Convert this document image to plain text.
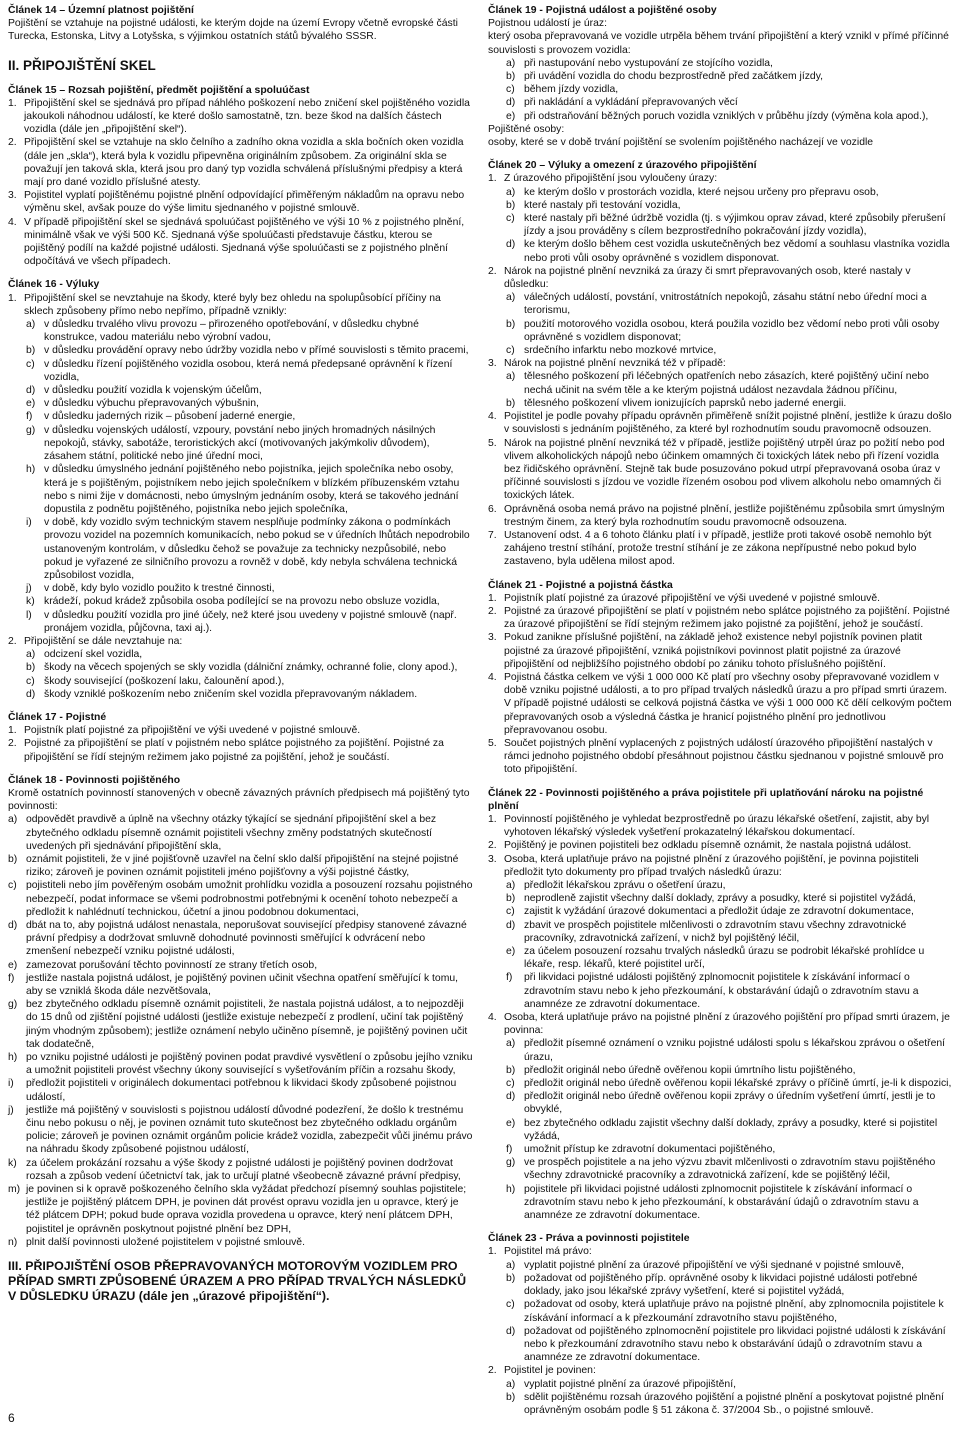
Článek 14 – Územní platnost pojištění

Pojištění se vztahuje na pojistné události, ke kterým dojde na území Evropy včetně evropské části Turecka, Estonska, Litvy a Lotyšska, s výjimkou ostatních států bývalého SSSR.

II. PŘIPOJIŠTĚNÍ SKEL

Článek 15 – Rozsah pojištění, předmět pojištění a spoluúčast

1. Připojištění skel se sjednává pro případ náhlého poškození nebo zničení skel pojištěného vozidla jakoukoli náhodnou událostí, ke které došlo samostatně, tzn. beze škod na dalších částech vozidla (dále jen „připojištění skel“).

2. Připojištění skel se vztahuje na sklo čelního a zadního okna vozidla a skla bočních oken vozidla (dále jen „skla“), která byla k vozidlu připevněna originálním způsobem. Za originální skla se považují jen taková skla, která jsou pro daný typ vozidla schválená příslušnými předpisy a která mají pro dané vozidlo příslušné atesty.

3. Pojistitel vyplatí pojištěnému pojistné plnění odpovídající přiměřeným nákladům na opravu nebo výměnu skel, avšak pouze do výše limitu sjednaného v pojistné smlouvě.

4. V případě připojištění skel se sjednává spoluúčast pojištěného ve výši 10 % z pojistného plnění, minimálně však ve výši 500 Kč. Sjednaná výše spoluúčasti představuje částku, kterou se pojištěný podílí na každé pojistné události. Sjednaná výše spoluúčasti se z pojistného plnění odpočítává ve všech případech.

Článek 16 - Výluky

1. Připojištění skel se nevztahuje na škody, které byly bez ohledu na spolupůsobící příčiny na sklech způsobeny přímo nebo nepřímo, případně vznikly:

a) v důsledku trvalého vlivu provozu – přirozeného opotřebování, v důsledku chybné konstrukce, vadou materiálu nebo výrobní vadou,

b) v důsledku provádění opravy nebo údržby vozidla nebo v přímé souvislosti s těmito pracemi,

c) v důsledku řízení pojištěného vozidla osobou, která nemá předepsané oprávnění k řízení vozidla,

d) v důsledku použití vozidla k vojenským účelům,

e) v důsledku výbuchu přepravovaných výbušnin,

f) v důsledku jaderných rizik – působení jaderné energie,

g) v důsledku vojenských událostí, vzpoury, povstání nebo jiných hromadných násilných nepokojů, stávky, sabotáže, teroristických akcí (motivovaných jakýmkoliv důvodem), zásahem státní, politické nebo jiné úřední moci,

h) v důsledku úmyslného jednání pojištěného nebo pojistníka, jejich společníka nebo osoby, která je s pojištěným, pojistníkem nebo jejich společníkem v blízkém příbuzenském vztahu nebo s nimi žije v domácnosti, nebo úmyslným jednáním osoby, která se takového jednání dopustila z podnětu pojištěného, pojistníka nebo jejich společníka,

i) v době, kdy vozidlo svým technickým stavem nesplňuje podmínky zákona o podmínkách provozu vozidel na pozemních komunikacích, nebo pokud se v úředních lhůtách nepodrobilo ustanoveným kontrolám, v důsledku čehož se považuje za technicky nezpůsobilé, nebo pokud je vyřazené ze silničního provozu a rovněž v době, kdy nebyla schválena technická způsobilost vozidla,

j) v době, kdy bylo vozidlo použito k trestné činnosti,

k) krádeží, pokud krádež způsobila osoba podílející se na provozu nebo obsluze vozidla,

l) v důsledku použití vozidla pro jiné účely, než které jsou uvedeny v pojistné smlouvě (např. pronájem vozidla, půjčovna, taxi aj.).

2. Připojištění se dále nevztahuje na:

a) odcizení skel vozidla,

b) škody na věcech spojených se skly vozidla (dálniční známky, ochranné folie, clony apod.),

c) škody související (poškození laku, čalounění apod.),

d) škody vzniklé poškozením nebo zničením skel vozidla přepravovaným nákladem.

Článek 17 - Pojistné

1. Pojistník platí pojistné za připojištění ve výši uvedené v pojistné smlouvě.

2. Pojistné za připojištění se platí v pojistném nebo splátce pojistného za pojištění. Pojistné za připojištění se řídí stejným režimem jako pojistné za pojištění, jehož je součástí.

Článek 18 - Povinnosti pojištěného

Kromě ostatních povinností stanovených v obecně závazných právních předpisech má pojištěný tyto povinnosti:

a) odpovědět pravdivě a úplně na všechny otázky týkající se sjednání připojištění skel a bez zbytečného odkladu písemně oznámit pojistiteli všechny změny podstatných skutečností uvedených při sjednávání připojištění skla,

b) oznámit pojistiteli, že v jiné pojišťovně uzavřel na čelní sklo další připojištění na stejné pojistné riziko; zároveň je povinen oznámit pojistiteli jméno pojišťovny a výši pojistné částky,

c) pojistiteli nebo jím pověřeným osobám umožnit prohlídku vozidla a posouzení rozsahu pojistného nebezpečí, podat informace se všemi podrobnostmi potřebnými k ocenění tohoto nebezpečí a předložit k nahlédnutí technickou, účetní a jinou podobnou dokumentaci,

d) dbát na to, aby pojistná událost nenastala, neporušovat související předpisy stanovené závazné právní předpisy a dodržovat smluvně dohodnuté povinnosti směřující k odvrácení nebo zmenšení nebezpečí vzniku pojistné události,

e) zamezovat porušování těchto povinností ze strany třetích osob,

f) jestliže nastala pojistná událost, je pojištěný povinen učinit všechna opatření směřující k tomu, aby se vzniklá škoda dále nezvětšovala,

g) bez zbytečného odkladu písemně oznámit pojistiteli, že nastala pojistná událost, a to nejpozději do 15 dnů od zjištění pojistné události (jestliže existuje nebezpečí z prodlení, učiní tak pojištěný jiným vhodným způsobem); jestliže oznámení nebylo učiněno písemně, je pojištěný povinen učit tak dodatečně,

h) po vzniku pojistné události je pojištěný povinen podat pravdivé vysvětlení o způsobu jejího vzniku a umožnit pojistiteli provést všechny úkony související s vyšetřováním příčin a rozsahu škody,

i) předložit pojistiteli v originálech dokumentaci potřebnou k likvidaci škody způsobené pojistnou událostí,

j) jestliže má pojištěný v souvislosti s pojistnou událostí důvodné podezření, že došlo k trestnému činu nebo pokusu o něj, je povinen oznámit tuto skutečnost bez zbytečného odkladu orgánům policie; zároveň je povinen oznámit orgánům policie krádež vozidla, zabezpečit vůči jinému právo na náhradu škody způsobené pojistnou událostí,

k) za účelem prokázání rozsahu a výše škody z pojistné události je pojištěný povinen dodržovat rozsah a způsob vedení účetnictví tak, jak to určují platné všeobecně závazné právní předpisy,

m) je povinen si k opravě poškozeného čelního skla vyžádat předchozí písemný souhlas pojistitele; jestliže je pojištěný plátcem DPH, je povinen dát provést opravu vozidla jen u opravce, který je též plátcem DPH; pokud bude oprava vozidla provedena u opravce, který není plátcem DPH, pojistitel je oprávněn poskytnout pojistné plnění bez DPH,

n) plnit další povinnosti uložené pojistitelem v pojistné smlouvě.

III. PŘIPOJIŠTĚNÍ OSOB PŘEPRAVOVANÝCH MOTOROVÝM VOZIDLEM PRO PŘÍPAD SMRTI ZPŮSOBENÉ ÚRAZEM A PRO PŘÍPAD TRVALÝCH NÁSLEDKŮ V DŮSLEDKU ÚRAZU (dále jen „úrazové připojištění“).

Článek 19 - Pojistná událost a pojištěné osoby

Pojistnou událostí je úraz:

který osoba přepravovaná ve vozidle utrpěla během trvání připojištění a který vznikl v přímé příčinné souvislosti s provozem vozidla:

a) při nastupování nebo vystupování ze stojícího vozidla,

b) při uvádění vozidla do chodu bezprostředně před začátkem jízdy,

c) během jízdy vozidla,

d) při nakládání a vykládání přepravovaných věcí

e) při odstraňování běžných poruch vozidla vzniklých v průběhu jízdy (výměna kola apod.),

Pojištěné osoby:

osoby, které se v době trvání pojištění se svolením pojištěného nacházejí ve vozidle

Článek 20 – Výluky a omezení z úrazového připojištění

1. Z úrazového připojištění jsou vyloučeny úrazy:

a) ke kterým došlo v prostorách vozidla, které nejsou určeny pro přepravu osob,

b) které nastaly při testování vozidla,

c) které nastaly při běžné údržbě vozidla (tj. s výjimkou oprav závad, které způsobily přerušení jízdy a jsou prováděny s cílem bezprostředního pokračování jízdy vozidla),

d) ke kterým došlo během cest vozidla uskutečněných bez vědomí a souhlasu vlastníka vozidla nebo proti vůli osoby oprávněné s vozidlem disponovat.

2. Nárok na pojistné plnění nevzniká za úrazy či smrt přepravovaných osob, které nastaly v důsledku:

a) válečných událostí, povstání, vnitrostátních nepokojů, zásahu státní nebo úřední moci a terorismu,

b) použití motorového vozidla osobou, která použila vozidlo bez vědomí nebo proti vůli osoby oprávněné s vozidlem disponovat;

c) srdečního infarktu nebo mozkové mrtvice,

3. Nárok na pojistné plnění nevzniká též v případě:

a) tělesného poškození při léčebných opatřeních nebo zásazích, které pojištěný učiní nebo nechá učinit na svém těle a ke kterým pojistná událost nezavdala žádnou příčinu,

b) tělesného poškození vlivem ionizujících paprsků nebo jaderné energii.

4. Pojistitel je podle povahy případu oprávněn přiměřeně snížit pojistné plnění, jestliže k úrazu došlo v souvislosti s jednáním pojištěného, za které byl rozhodnutím soudu pravomocně odsouzen.

5. Nárok na pojistné plnění nevzniká též v případě, jestliže pojištěný utrpěl úraz po požití nebo pod vlivem alkoholických nápojů nebo účinkem omamných či toxických látek nebo při řízení vozidla bez řidičského oprávnění. Stejně tak bude posuzováno pokud utrpí přepravovaná osoba úraz v příčinné souvislosti s jízdou ve vozidle řízeném osobou pod vlivem alkoholu nebo omamných či toxických látek.

6. Oprávněná osoba nemá právo na pojistné plnění, jestliže pojištěnému způsobila smrt úmyslným trestným činem, za který byla rozhodnutím soudu pravomocně odsouzena.

7. Ustanovení odst. 4 a 6 tohoto článku platí i v případě, jestliže proti takové osobě nemohlo být zahájeno trestní stíhání, protože trestní stíhání je ze zákona nepřípustné nebo pokud bylo zastaveno, byla udělena milost apod.

Článek 21 - Pojistné a pojistná částka

1. Pojistník platí pojistné za úrazové připojištění ve výši uvedené v pojistné smlouvě.

2. Pojistné za úrazové připojištění se platí v pojistném nebo splátce pojistného za pojištění. Pojistné za úrazové připojištění se řídí stejným režimem jako pojistné za pojištění, jehož je součástí.

3. Pokud zanikne příslušné pojištění, na základě jehož existence nebyl pojistník povinen platit pojistné za úrazové připojištění, vzniká pojistníkovi povinnost platit pojistné za úrazové připojištění od nejbližšího pojistného období po zániku tohoto příslušného pojištění.

4. Pojistná částka celkem ve výši 1 000 000 Kč platí pro všechny osoby přepravované vozidlem v době vzniku pojistné události, a to pro případ trvalých následků úrazu a pro případ smrti úrazem. V případě pojistné události se celková pojistná částka ve výši 1 000 000 Kč dělí celkovým počtem přepravovaných osob a výsledná částka je hranicí pojistného plnění pro jednotlivou přepravovanou osobu.

5. Součet pojistných plnění vyplacených z pojistných událostí úrazového připojištění nastalých v rámci jednoho pojistného období přesáhnout pojistnou částku sjednanou v pojistné smlouvě pro toto připojištění.

Článek 22 - Povinnosti pojištěného a práva pojistitele při uplatňování nároku na pojistné plnění

1. Povinností pojištěného je vyhledat bezprostředně po úrazu lékařské ošetření, zajistit, aby byl vyhotoven lékařský výsledek vyšetření prokazatelný lékařskou dokumentací.

2. Pojištěný je povinen pojistiteli bez odkladu písemně oznámit, že nastala pojistná událost.

3. Osoba, která uplatňuje právo na pojistné plnění z úrazového pojištění, je povinna pojistiteli předložit tyto dokumenty pro případ trvalých následků úrazu:

a) předložit lékařskou zprávu o ošetření úrazu,

b) neprodleně zajistit všechny další doklady, zprávy a posudky, které si pojistitel vyžádá,

c) zajistit k vyžádání úrazové dokumentaci a předložit údaje ze zdravotní dokumentace,

d) zbavit ve prospěch pojistitele mlčenlivosti o zdravotním stavu všechny zdravotnické pracovníky, zdravotnická zařízení, v nichž byl pojištěný léčil,

e) za účelem posouzení rozsahu trvalých následků úrazu se podrobit lékařské prohlídce u lékaře, resp. lékařů, které pojistitel určí,

f) při likvidaci pojistné události pojištěný zplnomocnit pojistitele k získávání informací o zdravotním stavu nebo k jeho přezkoumání, k obstarávání údajů o zdravotním stavu a anamnéze ze zdravotní dokumentace.

4. Osoba, která uplatňuje právo na pojistné plnění z úrazového pojištění pro případ smrti úrazem, je povinna:

a) předložit písemné oznámení o vzniku pojistné události spolu s lékařskou zprávou o ošetření úrazu,

b) předložit originál nebo úředně ověřenou kopii úmrtního listu pojištěného,

c) předložit originál nebo úředně ověřenou kopii lékařské zprávy o příčině úmrtí, je-li k dispozici,

d) předložit originál nebo úředně ověřenou kopii zprávy o úředním vyšetření úmrtí, jestli je to obvyklé,

e) bez zbytečného odkladu zajistit všechny další doklady, zprávy a posudky, které si pojistitel vyžádá,

f) umožnit přístup ke zdravotní dokumentaci pojištěného,

g) ve prospěch pojistitele a na jeho výzvu zbavit mlčenlivosti o zdravotním stavu pojištěného všechny zdravotnické pracovníky a zdravotnická zařízení, kde se pojištěný léčil,

h) pojistitele při likvidaci pojistné události zplnomocnit pojistitele k získávání informací o zdravotním stavu nebo k jeho přezkoumání, k obstarávání údajů o zdravotním stavu a anamnéze ze zdravotní dokumentace.

Článek 23 - Práva a povinnosti pojistitele

1. Pojistitel má právo:

a) vyplatit pojistné plnění za úrazové připojištění ve výši sjednané v pojistné smlouvě,

b) požadovat od pojištěného příp. oprávněné osoby k likvidaci pojistné události potřebné doklady, jako jsou lékařské zprávy vyšetření, které si pojistitel vyžádá,

c) požadovat od osoby, která uplatňuje právo na pojistné plnění, aby zplnomocnila pojistitele k získávání informací a k přezkoumání zdravotního stavu pojištěného,

d) požadovat od pojištěného zplnomocnění pojistitele pro likvidaci pojistné události k získávání nebo k přezkoumání zdravotního stavu nebo k obstarávání údajů o zdravotním stavu a anamnéze ze zdravotní dokumentace.

2. Pojistitel je povinen:

a) vyplatit pojistné plnění za úrazové připojištění,

b) sdělit pojištěnému rozsah úrazového pojištění a pojistné plnění a poskytovat pojistné plnění oprávněným osobám podle § 51 zákona č. 37/2004 Sb., o pojistné smlouvě.

6
